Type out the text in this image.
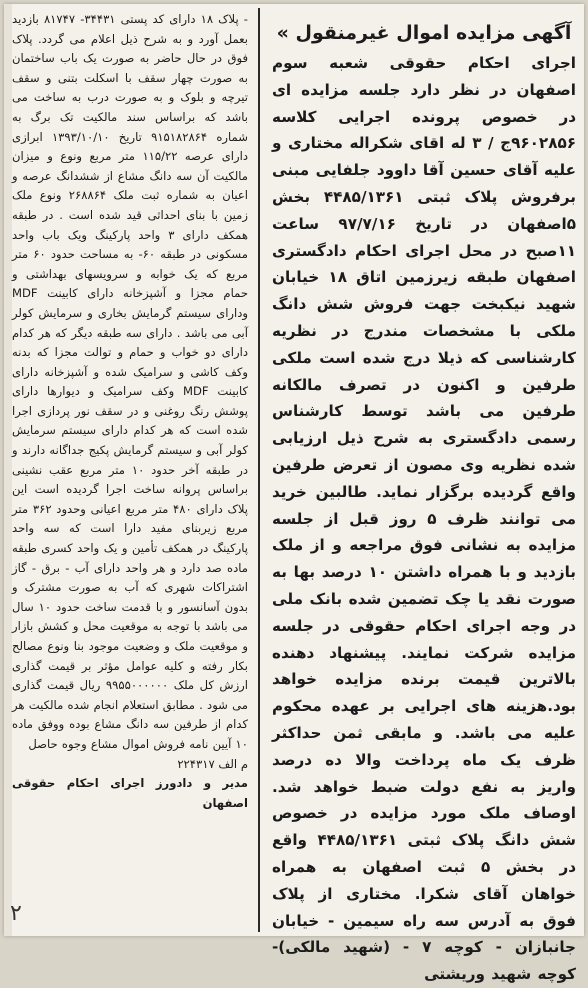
آگهی مزایده اموال غیرمنقول »

اجرای احکام حقوقی شعبه سوم اصفهان در نظر دارد جلسه مزایده ای در خصوص پرونده اجرایی کلاسه ۹۶۰۲۸۵۶ج / ۳ له اقای شکراله مختاری و علیه آقای حسین آقا داوود جلفایی مبنی برفروش پلاک ثبتی ۴۴۸۵/۱۳۶۱ بخش ۵اصفهان در تاریخ ۹۷/۷/۱۶ ساعت ۱۱صبح در محل اجرای احکام دادگستری اصفهان طبقه زیرزمین اتاق ۱۸ خیابان شهید نیکبخت جهت فروش شش دانگ ملکی با مشخصات مندرج در نظریه کارشناسی که ذیلا درج شده است ملکی طرفین و اکنون در تصرف مالکانه طرفین می باشد توسط کارشناس رسمی دادگستری به شرح ذیل ارزیابی شده نظریه وی مصون از تعرض طرفین واقع گردیده برگزار نماید. طالبین خرید می توانند ظرف ۵ روز قبل از جلسه مزایده به نشانی فوق مراجعه و از ملک بازدید و با همراه داشتن ۱۰ درصد بها به صورت نقد یا چک تضمین شده بانک ملی در وجه اجرای احکام حقوقی در جلسه مزایده شرکت نمایند. پیشنهاد دهنده بالاترین قیمت برنده مزایده خواهد بود.هزینه های اجرایی بر عهده محکوم علیه می باشد. و مابقی ثمن حداکثر ظرف یک ماه پرداخت والا ده درصد واریز به نفع دولت ضبط خواهد شد. اوصاف ملک مورد مزایده در خصوص شش دانگ پلاک ثبتی ۴۴۸۵/۱۳۶۱ واقع در بخش ۵ ثبت اصفهان به همراه خواهان آقای شکرا. مختاری از پلاک فوق به آدرس سه راه سیمین - خیابان جانبازان - کوچه ۷ - (شهید مالکی)- کوچه شهید وریشتی

- پلاک ۱۸ دارای کد پستی ۳۴۴۳۱- ۸۱۷۴۷ بازدید بعمل آورد و به شرح ذیل اعلام می گردد. پلاک فوق در حال حاضر به صورت یک باب ساختمان به صورت چهار سقف با اسکلت بتنی و سقف تیرچه و بلوک و به صورت درب به ساخت می باشد که براساس سند مالکیت تک برگ به شماره ۹۱۵۱۸۲۸۶۴ تاریخ ۱۳۹۳/۱۰/۱۰ ابرازی دارای عرصه ۱۱۵/۲۲ متر مربع ونوع و میزان مالکیت آن سه دانگ مشاع از ششدانگ عرصه و اعیان به شماره ثبت ملک ۲۶۸۸۶۴ ونوع ملک زمین با بنای احداثی قید شده است . در طبقه همکف دارای ۳ واحد پارکینگ ویک باب واحد مسکونی در طبقه ۶۰- به مساحت حدود ۶۰ متر مربع که یک خوابه و سرویسهای بهداشتی و حمام مجزا و آشپزخانه دارای کابینت MDF ودارای سیستم گرمایش بخاری و سرمایش کولر آبی می باشد . دارای سه طبقه دیگر که هر کدام دارای دو خواب و حمام و توالت مجزا که بدنه وکف کاشی و سرامیک شده و آشپزخانه دارای کابینت MDF وکف سرامیک و دیوارها دارای پوشش رنگ روغنی و در سقف نور پردازی اجرا شده است که هر کدام دارای سیستم سرمایش کولر آبی و سیستم گرمایش پکیج جداگانه دارند و در طبقه آخر حدود ۱۰ متر مربع عقب نشینی براساس پروانه ساخت اجرا گردیده است این پلاک دارای ۴۸۰ متر مربع اعیانی وحدود ۳۶۲ متر مربع زیربنای مفید دارا است که سه واحد پارکینگ در همکف تأمین و یک واحد کسری طبقه ماده صد دارد و هر واحد دارای آب - برق - گاز اشتراکات شهری که آب به صورت مشترک و بدون آسانسور و با قدمت ساخت حدود ۱۰ سال می باشد با توجه به موقعیت محل و کشش بازار و موقعیت ملک و وضعیت موجود بنا ونوع مصالح بکار رفته و کلیه عوامل مؤثر بر قیمت گذاری ارزش کل ملک ۹۹۵۵۰۰۰۰۰۰ ریال قیمت گذاری می شود . مطابق استعلام انجام شده مالکیت هر کدام از طرفین سه دانگ مشاع بوده ووفق ماده ۱۰ آیین نامه فروش اموال مشاع وجوه حاصل

م الف ۲۲۴۳۱۷

مدیر و دادورز اجرای احکام حقوقی اصفهان

۲
